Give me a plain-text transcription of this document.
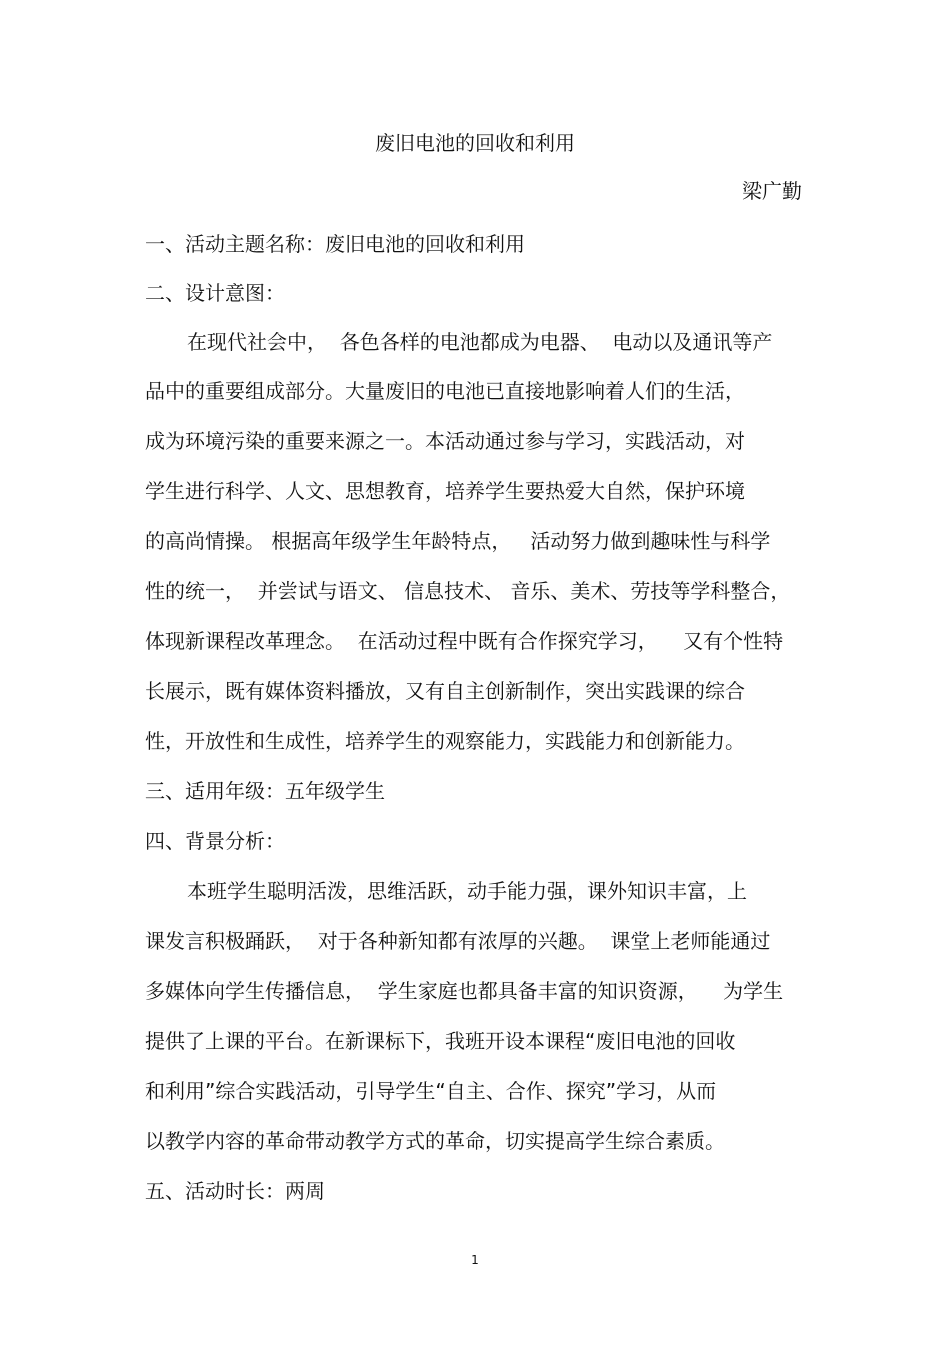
废旧电池的回收和利用
梁广勤
一、活动主题名称：废旧电池的回收和利用
二、设计意图：
在现代社会中，  各色各样的电池都成为电器、  电动以及通讯等产
品中的重要组成部分。大量废旧的电池已直接地影响着人们的生活，
成为环境污染的重要来源之一。本活动通过参与学习，实践活动，对
学生进行科学、人文、思想教育，培养学生要热爱大自然，保护环境
的高尚情操。 根据高年级学生年龄特点，   活动努力做到趣味性与科学
性的统一，  并尝试与语文、 信息技术、 音乐、美术、劳技等学科整合，
体现新课程改革理念。  在活动过程中既有合作探究学习，    又有个性特
长展示，既有媒体资料播放，又有自主创新制作，突出实践课的综合
性，开放性和生成性，培养学生的观察能力，实践能力和创新能力。
三、适用年级：五年级学生
四、背景分析：
本班学生聪明活泼，思维活跃，动手能力强，课外知识丰富，上
课发言积极踊跃，  对于各种新知都有浓厚的兴趣。  课堂上老师能通过
多媒体向学生传播信息，  学生家庭也都具备丰富的知识资源，    为学生
提供了上课的平台。在新课标下，我班开设本课程“废旧电池的回收
和利用”综合实践活动，引导学生“自主、合作、探究”学习，从而
以教学内容的革命带动教学方式的革命，切实提高学生综合素质。
五、活动时长：两周
1
